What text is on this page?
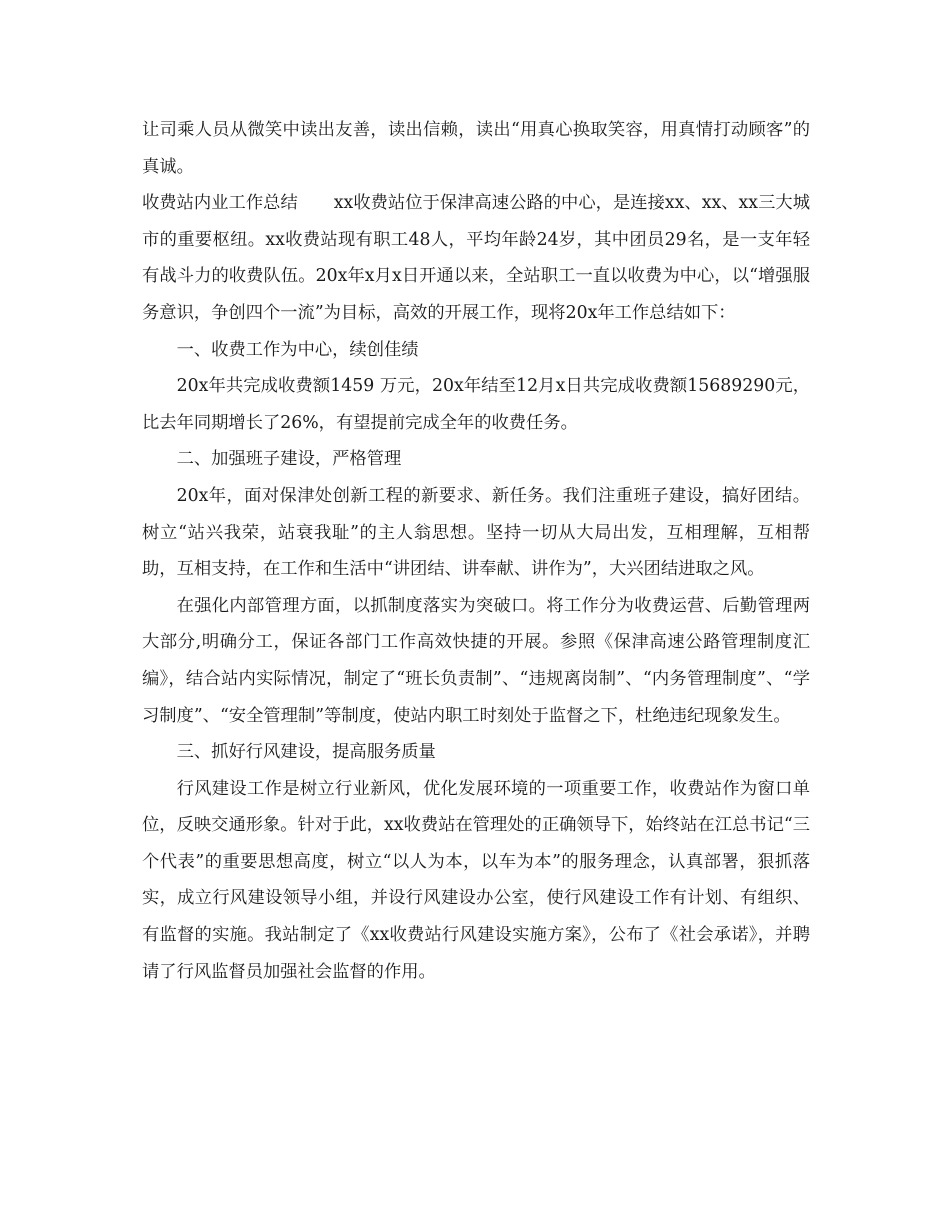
让司乘人员从微笑中读出友善，读出信赖，读出“用真心换取笑容，用真情打动顾客”的真诚。

收费站内业工作总结 xx收费站位于保津高速公路的中心，是连接xx、xx、xx三大城市的重要枢纽。xx收费站现有职工48人，平均年龄24岁，其中团员29名，是一支年轻有战斗力的收费队伍。20x年x月x日开通以来，全站职工一直以收费为中心，以“增强服务意识，争创四个一流”为目标，高效的开展工作，现将20x年工作总结如下：

一、收费工作为中心，续创佳绩

20x年共完成收费额1459 万元，20x年结至12月x日共完成收费额15689290元，比去年同期增长了26%，有望提前完成全年的收费任务。

二、加强班子建设，严格管理

20x年，面对保津处创新工程的新要求、新任务。我们注重班子建设，搞好团结。树立“站兴我荣，站衰我耻”的主人翁思想。坚持一切从大局出发，互相理解，互相帮助，互相支持，在工作和生活中“讲团结、讲奉献、讲作为”，大兴团结进取之风。

在强化内部管理方面，以抓制度落实为突破口。将工作分为收费运营、后勤管理两大部分,明确分工，保证各部门工作高效快捷的开展。参照《保津高速公路管理制度汇编》，结合站内实际情况，制定了“班长负责制”、“违规离岗制”、“内务管理制度”、“学习制度”、“安全管理制”等制度，使站内职工时刻处于监督之下，杜绝违纪现象发生。

三、抓好行风建设，提高服务质量

行风建设工作是树立行业新风，优化发展环境的一项重要工作，收费站作为窗口单位，反映交通形象。针对于此，xx收费站在管理处的正确领导下，始终站在江总书记“三个代表”的重要思想高度，树立“以人为本，以车为本”的服务理念，认真部署，狠抓落实，成立行风建设领导小组，并设行风建设办公室，使行风建设工作有计划、有组织、有监督的实施。我站制定了《xx收费站行风建设实施方案》，公布了《社会承诺》，并聘请了行风监督员加强社会监督的作用。
